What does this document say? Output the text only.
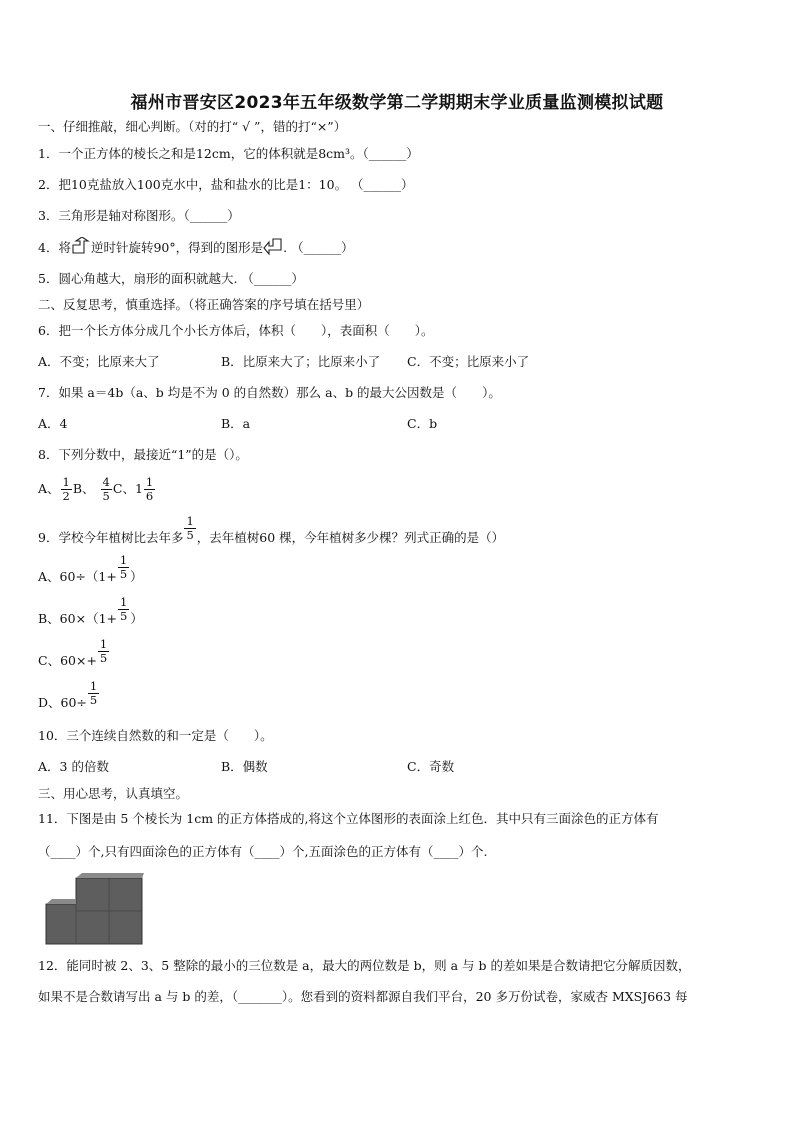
福州市晋安区2023年五年级数学第二学期期末学业质量监测模拟试题
一、仔细推敲，细心判断。（对的打“ √ ”，错的打“×”）
1．一个正方体的棱长之和是12cm，它的体积就是8cm³。（______）
2．把10克盐放入100克水中，盐和盐水的比是1：10。 （______）
3．三角形是轴对称图形。（______）
4．将 逆时针旋转90°，得到的图形是 . （______）
5．圆心角越大，扇形的面积就越大. （______）
二、反复思考，慎重选择。（将正确答案的序号填在括号里）
6．把一个长方体分成几个小长方体后，体积（　　），表面积（　　）。
A．不变；比原来大了	B．比原来大了；比原来小了 C．不变；比原来小了
7．如果 a＝4b（a、b 均是不为 0 的自然数）那么 a、b 的最大公因数是（　　）。
A．4	B．a	C．b
8．下列分数中，最接近“1”的是（）。
A、 $\frac{1}{2}$ B、 $\frac{4}{5}$ C、$1 \frac{1}{6}$
9．学校今年植树比去年多 $\frac{1}{5}$ ，去年植树60 棵，今年植树多少棵？列式正确的是（）
A、$60\div(1+ \frac{1}{5}$ ）
B、$60\times(1+ \frac{1}{5}$ ）
C、$60\times+ \frac{1}{5}$
D、$60\div \frac{1}{5}$
10．三个连续自然数的和一定是（　　）。
A．3 的倍数	B．偶数	C．奇数
三、用心思考，认真填空。
11．下图是由 5 个棱长为 1cm 的正方体搭成的,将这个立体图形的表面涂上红色．其中只有三面涂色的正方体有
（____）个,只有四面涂色的正方体有（____）个,五面涂色的正方体有（____）个.
12．能同时被 2、3、5 整除的最小的三位数是 a，最大的两位数是 b，则 a 与 b 的差如果是合数请把它分解质因数，
如果不是合数请写出 a 与 b 的差，（_______）。您看到的资料都源自我们平台，20 多万份试卷，家威杏 MXSJ663 每
